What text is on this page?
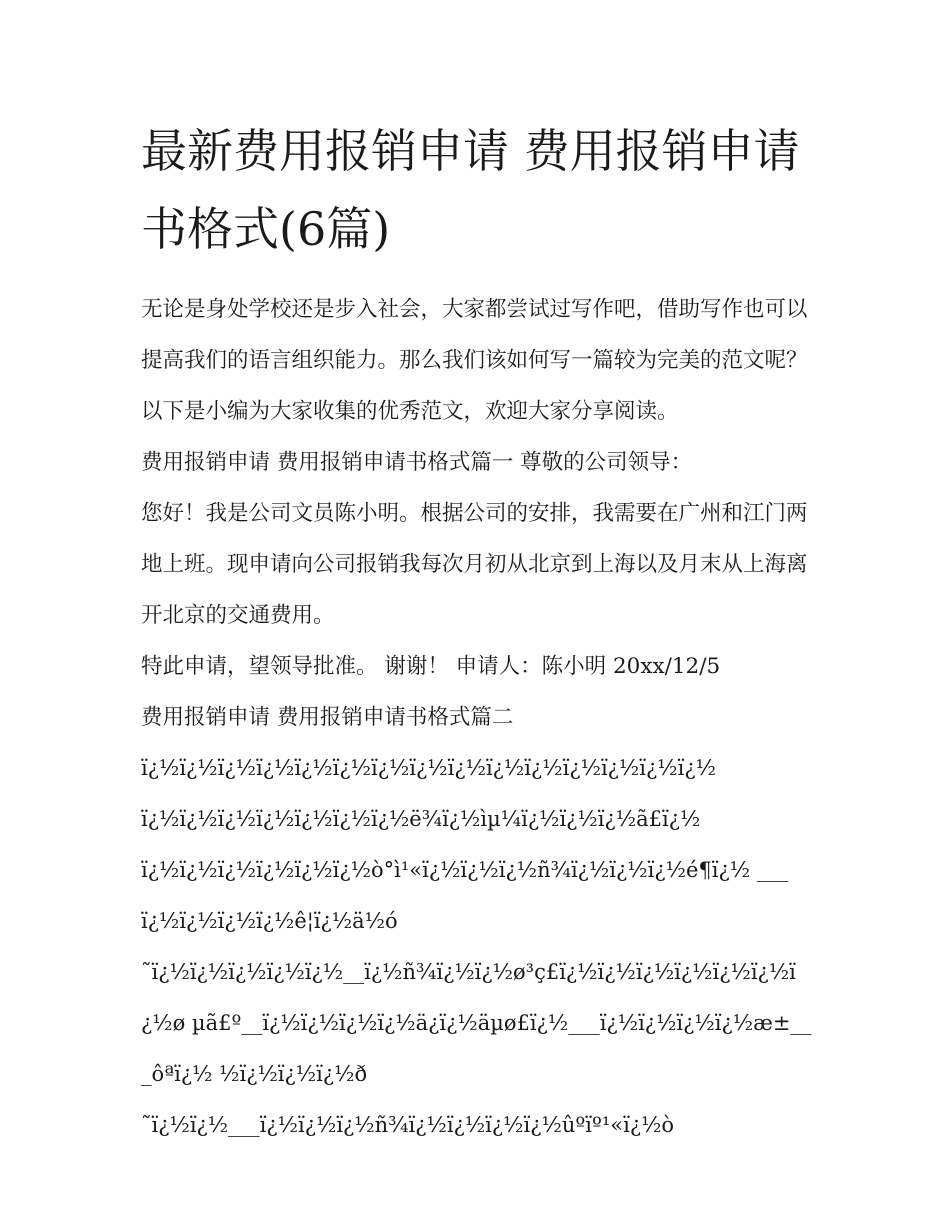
最新费用报销申请 费用报销申请书格式(6篇)

无论是身处学校还是步入社会，大家都尝试过写作吧，借助写作也可以提高我们的语言组织能力。那么我们该如何写一篇较为完美的范文呢？以下是小编为大家收集的优秀范文，欢迎大家分享阅读。

费用报销申请 费用报销申请书格式篇一 尊敬的公司领导：

您好！我是公司文员陈小明。根据公司的安排，我需要在广州和江门两地上班。现申请向公司报销我每次月初从北京到上海以及月末从上海离开北京的交通费用。

特此申请，望领导批准。 谢谢！ 申请人：陈小明 20xx/12/5

费用报销申请 费用报销申请书格式篇二

ï¿½ï¿½ï¿½ï¿½ï¿½ï¿½ï¿½ï¿½ï¿½ï¿½ï¿½ï¿½ï¿½ï¿½ï¿½

ï¿½ï¿½ï¿½ï¿½ï¿½ï¿½ï¿½ë¾ï¿½ìµ¼ï¿½ï¿½ï¿½ã£ï¿½

ï¿½ï¿½ï¿½ï¿½ï¿½ï¿½ò°ì¹«ï¿½ï¿½ï¿½ñ¾ï¿½ï¿½ï¿½é¶ï¿½ ___

ï¿½ï¿½ï¿½ï¿½ê¦ï¿½ä½ó

˜ï¿½ï¿½ï¿½ï¿½ï¿½__ï¿½ñ¾ï¿½ï¿½ø³ç£ï¿½ï¿½ï¿½ï¿½ï¿½ï¿½ï¿½ø µã£º__ï¿½ï¿½ï¿½ï¿½ä¿ï¿½äµø£ï¿½___ï¿½ï¿½ï¿½ï¿½æ±___ôªï¿½ ½ï¿½ï¿½ï¿½ð

˜ï¿½ï¿½___ï¿½ï¿½ï¿½ñ¾ï¿½ï¿½ï¿½ï¿½ûºïº¹«ï¿½ò
